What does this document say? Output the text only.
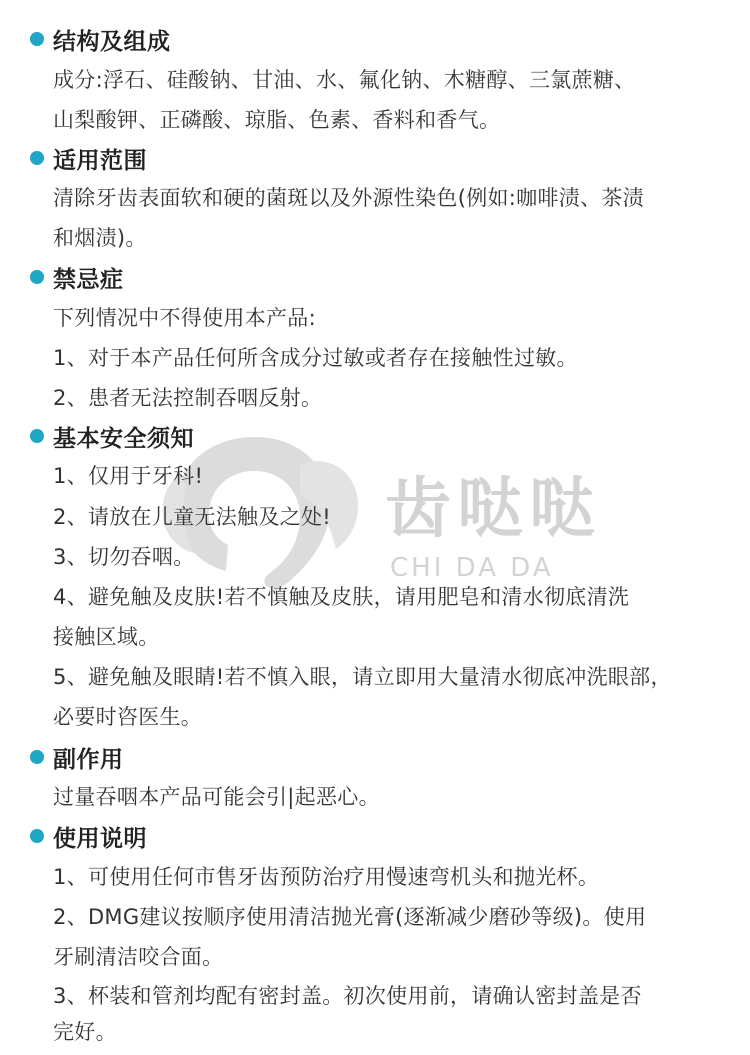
齿哒哒
CHI DA DA
结构及组成
成分:浮石、硅酸钠、甘油、水、氟化钠、木糖醇、三氯蔗糖、
山梨酸钾、正磷酸、琼脂、色素、香料和香气。
适用范围
清除牙齿表面软和硬的菌斑以及外源性染色(例如:咖啡渍、茶渍
和烟渍)。
禁忌症
下列情况中不得使用本产品:
1、对于本产品任何所含成分过敏或者存在接触性过敏。
2、患者无法控制吞咽反射。
基本安全须知
1、仅用于牙科!
2、请放在儿童无法触及之处!
3、切勿吞咽。
4、避免触及皮肤!若不慎触及皮肤，请用肥皂和清水彻底清洗
接触区域。
5、避免触及眼睛!若不慎入眼，请立即用大量清水彻底冲洗眼部，
必要时咨医生。
副作用
过量吞咽本产品可能会引|起恶心。
使用说明
1、可使用任何市售牙齿预防治疗用慢速弯机头和抛光杯。
2、DMG建议按顺序使用清洁抛光膏(逐渐减少磨砂等级)。使用
牙刷清洁咬合面。
3、杯装和管剂均配有密封盖。初次使用前，请确认密封盖是否
完好。
